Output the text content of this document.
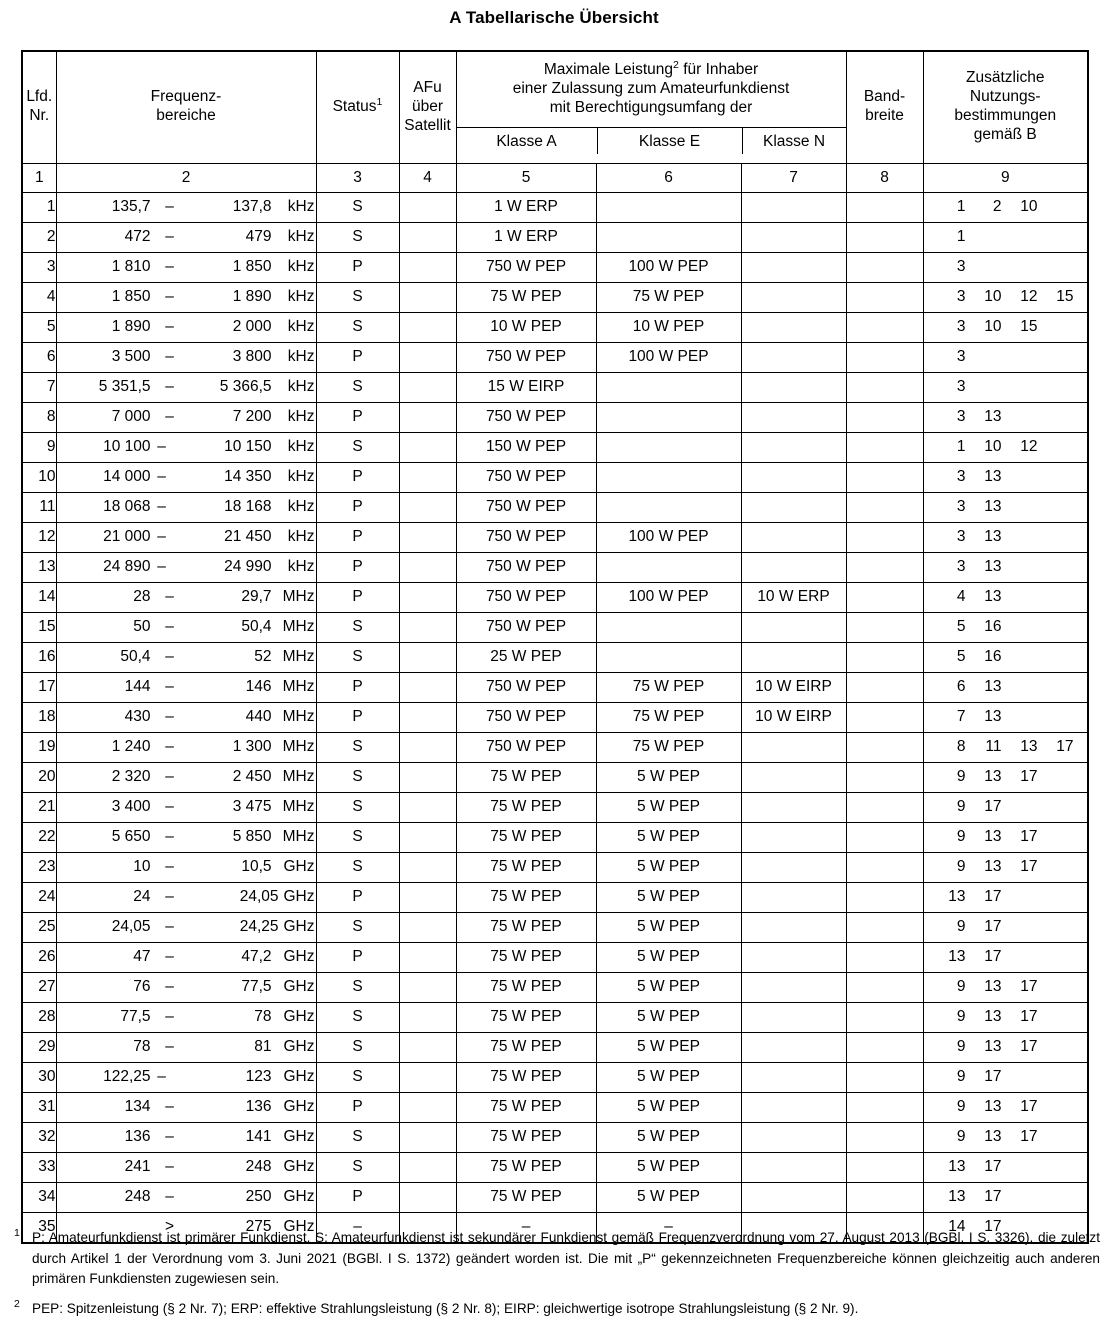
A Tabellarische Übersicht
Lfd.
Nr.	Frequenz-
bereiche	Status$^1$	AFu
über
Satellit	
Maximale Leistung$^2$ für Inhaber
einer Zulassung zum Amateurfunkdienst
mit Berechtigungsumfang der
Klasse A	Klasse E	Klasse N
	Band-
breite	Zusätzliche
Nutzungs-
bestimmungen
gemäß B
1	2	3	4	5	6	7	8	9
1	135,7 – 137,8 kHz	S		1 W ERP				1 2 10

2	472 – 479 kHz	S		1 W ERP				1

3	1 810 – 1 850 kHz	P		750 W PEP	100 W PEP			3

4	1 850 – 1 890 kHz	S		75 W PEP	75 W PEP			3 10 12 15

5	1 890 – 2 000 kHz	S		10 W PEP	10 W PEP			3 10 15

6	3 500 – 3 800 kHz	P		750 W PEP	100 W PEP			3

7	5 351,5 – 5 366,5 kHz	S		15 W EIRP				3

8	7 000 – 7 200 kHz	P		750 W PEP				3 13

9	10 100 – 10 150 kHz	S		150 W PEP				1 10 12

10	14 000 – 14 350 kHz	P		750 W PEP				3 13

11	18 068 – 18 168 kHz	P		750 W PEP				3 13

12	21 000 – 21 450 kHz	P		750 W PEP	100 W PEP			3 13

13	24 890 – 24 990 kHz	P		750 W PEP				3 13

14	28 – 29,7 MHz	P		750 W PEP	100 W PEP	10 W ERP		4 13

15	50 – 50,4 MHz	S		750 W PEP				5 16

16	50,4 – 52 MHz	S		25 W PEP				5 16

17	144 – 146 MHz	P		750 W PEP	75 W PEP	10 W EIRP		6 13

18	430 – 440 MHz	P		750 W PEP	75 W PEP	10 W EIRP		7 13

19	1 240 – 1 300 MHz	S		750 W PEP	75 W PEP			8 11 13 17

20	2 320 – 2 450 MHz	S		75 W PEP	5 W PEP			9 13 17

21	3 400 – 3 475 MHz	S		75 W PEP	5 W PEP			9 17

22	5 650 – 5 850 MHz	S		75 W PEP	5 W PEP			9 13 17

23	10 – 10,5 GHz	S		75 W PEP	5 W PEP			9 13 17

24	24 – 24,05 GHz	P		75 W PEP	5 W PEP			13 17

25	24,05 – 24,25 GHz	S		75 W PEP	5 W PEP			9 17

26	47 – 47,2 GHz	P		75 W PEP	5 W PEP			13 17

27	76 – 77,5 GHz	S		75 W PEP	5 W PEP			9 13 17

28	77,5 – 78 GHz	S		75 W PEP	5 W PEP			9 13 17

29	78 – 81 GHz	S		75 W PEP	5 W PEP			9 13 17

30	122,25 – 123 GHz	S		75 W PEP	5 W PEP			9 17

31	134 – 136 GHz	P		75 W PEP	5 W PEP			9 13 17

32	136 – 141 GHz	S		75 W PEP	5 W PEP			9 13 17

33	241 – 248 GHz	S		75 W PEP	5 W PEP			13 17

34	248 – 250 GHz	P		75 W PEP	5 W PEP			13 17

35	> 275 GHz	–		–	–			14 17
1 P: Amateurfunkdienst ist primärer Funkdienst, S: Amateurfunkdienst ist sekundärer Funkdienst gemäß Frequenzverordnung vom 27. August 2013 (BGBl. I S. 3326), die zuletzt durch Artikel 1 der Verordnung vom 3. Juni 2021 (BGBl. I S. 1372) geändert worden ist. Die mit „P“ gekennzeichneten Frequenzbereiche können gleichzeitig auch anderen primären Funkdiensten zugewiesen sein.
2 PEP: Spitzenleistung (§ 2 Nr. 7); ERP: effektive Strahlungsleistung (§ 2 Nr. 8); EIRP: gleichwertige isotrope Strahlungsleistung (§ 2 Nr. 9).
